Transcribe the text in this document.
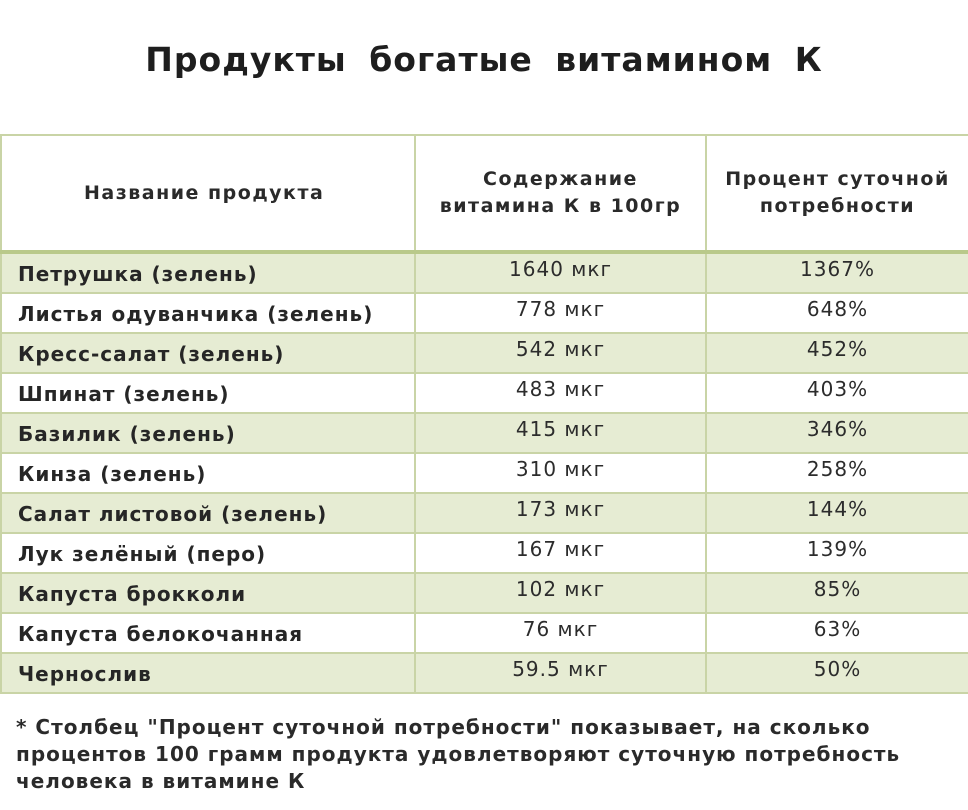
Продукты богатые витамином К
Название продукта	Содержание витамина К в 100гр	Процент суточной потребности
Петрушка (зелень)	1640 мкг	1367%
Листья одуванчика (зелень)	778 мкг	648%
Кресс-салат (зелень)	542 мкг	452%
Шпинат (зелень)	483 мкг	403%
Базилик (зелень)	415 мкг	346%
Кинза (зелень)	310 мкг	258%
Салат листовой (зелень)	173 мкг	144%
Лук зелёный (перо)	167 мкг	139%
Капуста брокколи	102 мкг	85%
Капуста белокочанная	76 мкг	63%
Чернослив	59.5 мкг	50%
* Столбец "Процент суточной потребности" показывает, на сколько процентов 100 грамм продукта удовлетворяют суточную потребность человека в витамине К
